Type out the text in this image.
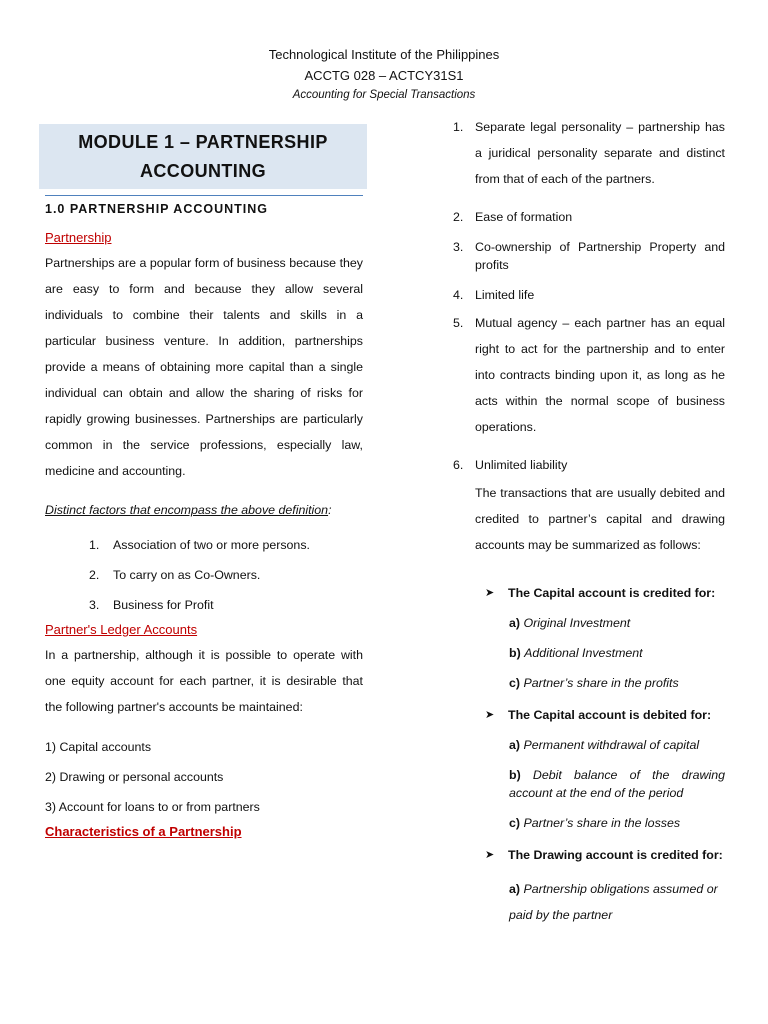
Technological Institute of the Philippines
ACCTG 028 – ACTCY31S1
Accounting for Special Transactions
MODULE 1 – PARTNERSHIP
ACCOUNTING
1.0 PARTNERSHIP ACCOUNTING
Partnership

Partnerships are a popular form of business because they are easy to form and because they allow several individuals to combine their talents and skills in a particular business venture. In addition, partnerships provide a means of obtaining more capital than a single individual can obtain and allow the sharing of risks for rapidly growing businesses. Partnerships are particularly common in the service professions, especially law, medicine and accounting.

Distinct factors that encompass the above definition:

1. Association of two or more persons.
2. To carry on as Co-Owners.
3. Business for Profit
Partner's Ledger Accounts

In a partnership, although it is possible to operate with one equity account for each partner, it is desirable that the following partner's accounts be maintained:

1) Capital accounts
2) Drawing or personal accounts
3) Account for loans to or from partners
Characteristics of a Partnership
1. Separate legal personality – partnership has a juridical personality separate and distinct from that of each of the partners.
2. Ease of formation
3. Co-ownership of Partnership Property and profits
4. Limited life
5. Mutual agency – each partner has an equal right to act for the partnership and to enter into contracts binding upon it, as long as he acts within the normal scope of business operations.
6. Unlimited liability

The transactions that are usually debited and credited to partner’s capital and drawing accounts may be summarized as follows:

➤ The Capital account is credited for:
a) Original Investment
b) Additional Investment
c) Partner’s share in the profits
➤ The Capital account is debited for:
a) Permanent withdrawal of capital
b) Debit balance of the drawing account at the end of the period
c) Partner’s share in the losses
➤ The Drawing account is credited for:
a) Partnership obligations assumed or paid by the partner
